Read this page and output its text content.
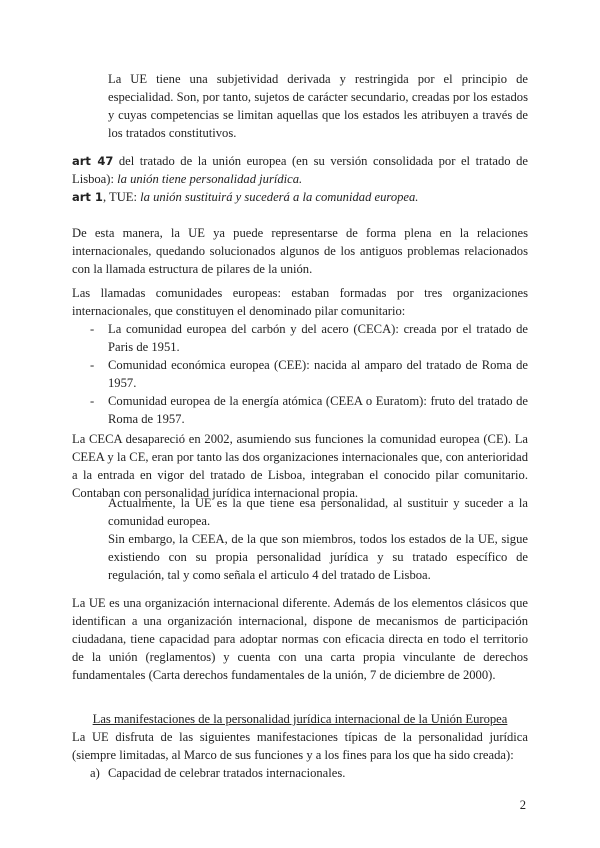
La UE tiene una subjetividad derivada y restringida por el principio de especialidad. Son, por tanto, sujetos de carácter secundario, creadas por los estados y cuyas competencias se limitan aquellas que los estados les atribuyen a través de los tratados constitutivos.

art 47 del tratado de la unión europea (en su versión consolidada por el tratado de Lisboa): la unión tiene personalidad jurídica.

art 1, TUE: la unión sustituirá y sucederá a la comunidad europea.

De esta manera, la UE ya puede representarse de forma plena en la relaciones internacionales, quedando solucionados algunos de los antiguos problemas relacionados con la llamada estructura de pilares de la unión.

Las llamadas comunidades europeas: estaban formadas por tres organizaciones internacionales, que constituyen el denominado pilar comunitario:

- La comunidad europea del carbón y del acero (CECA): creada por el tratado de Paris de 1951.
- Comunidad económica europea (CEE): nacida al amparo del tratado de Roma de 1957.
- Comunidad europea de la energía atómica (CEEA o Euratom): fruto del tratado de Roma de 1957.

La CECA desapareció en 2002, asumiendo sus funciones la comunidad europea (CE). La CEEA y la CE, eran por tanto las dos organizaciones internacionales que, con anterioridad a la entrada en vigor del tratado de Lisboa, integraban el conocido pilar comunitario. Contaban con personalidad jurídica internacional propia.

Actualmente, la UE es la que tiene esa personalidad, al sustituir y suceder a la comunidad europea.

Sin embargo, la CEEA, de la que son miembros, todos los estados de la UE, sigue existiendo con su propia personalidad jurídica y su tratado específico de regulación, tal y como señala el articulo 4 del tratado de Lisboa.

La UE es una organización internacional diferente. Además de los elementos clásicos que identifican a una organización internacional, dispone de mecanismos de participación ciudadana, tiene capacidad para adoptar normas con eficacia directa en todo el territorio de la unión (reglamentos) y cuenta con una carta propia vinculante de derechos fundamentales (Carta derechos fundamentales de la unión, 7 de diciembre de 2000).

Las manifestaciones de la personalidad jurídica internacional de la Unión Europea

La UE disfruta de las siguientes manifestaciones típicas de la personalidad jurídica (siempre limitadas, al Marco de sus funciones y a los fines para los que ha sido creada):

a) Capacidad de celebrar tratados internacionales.
2
